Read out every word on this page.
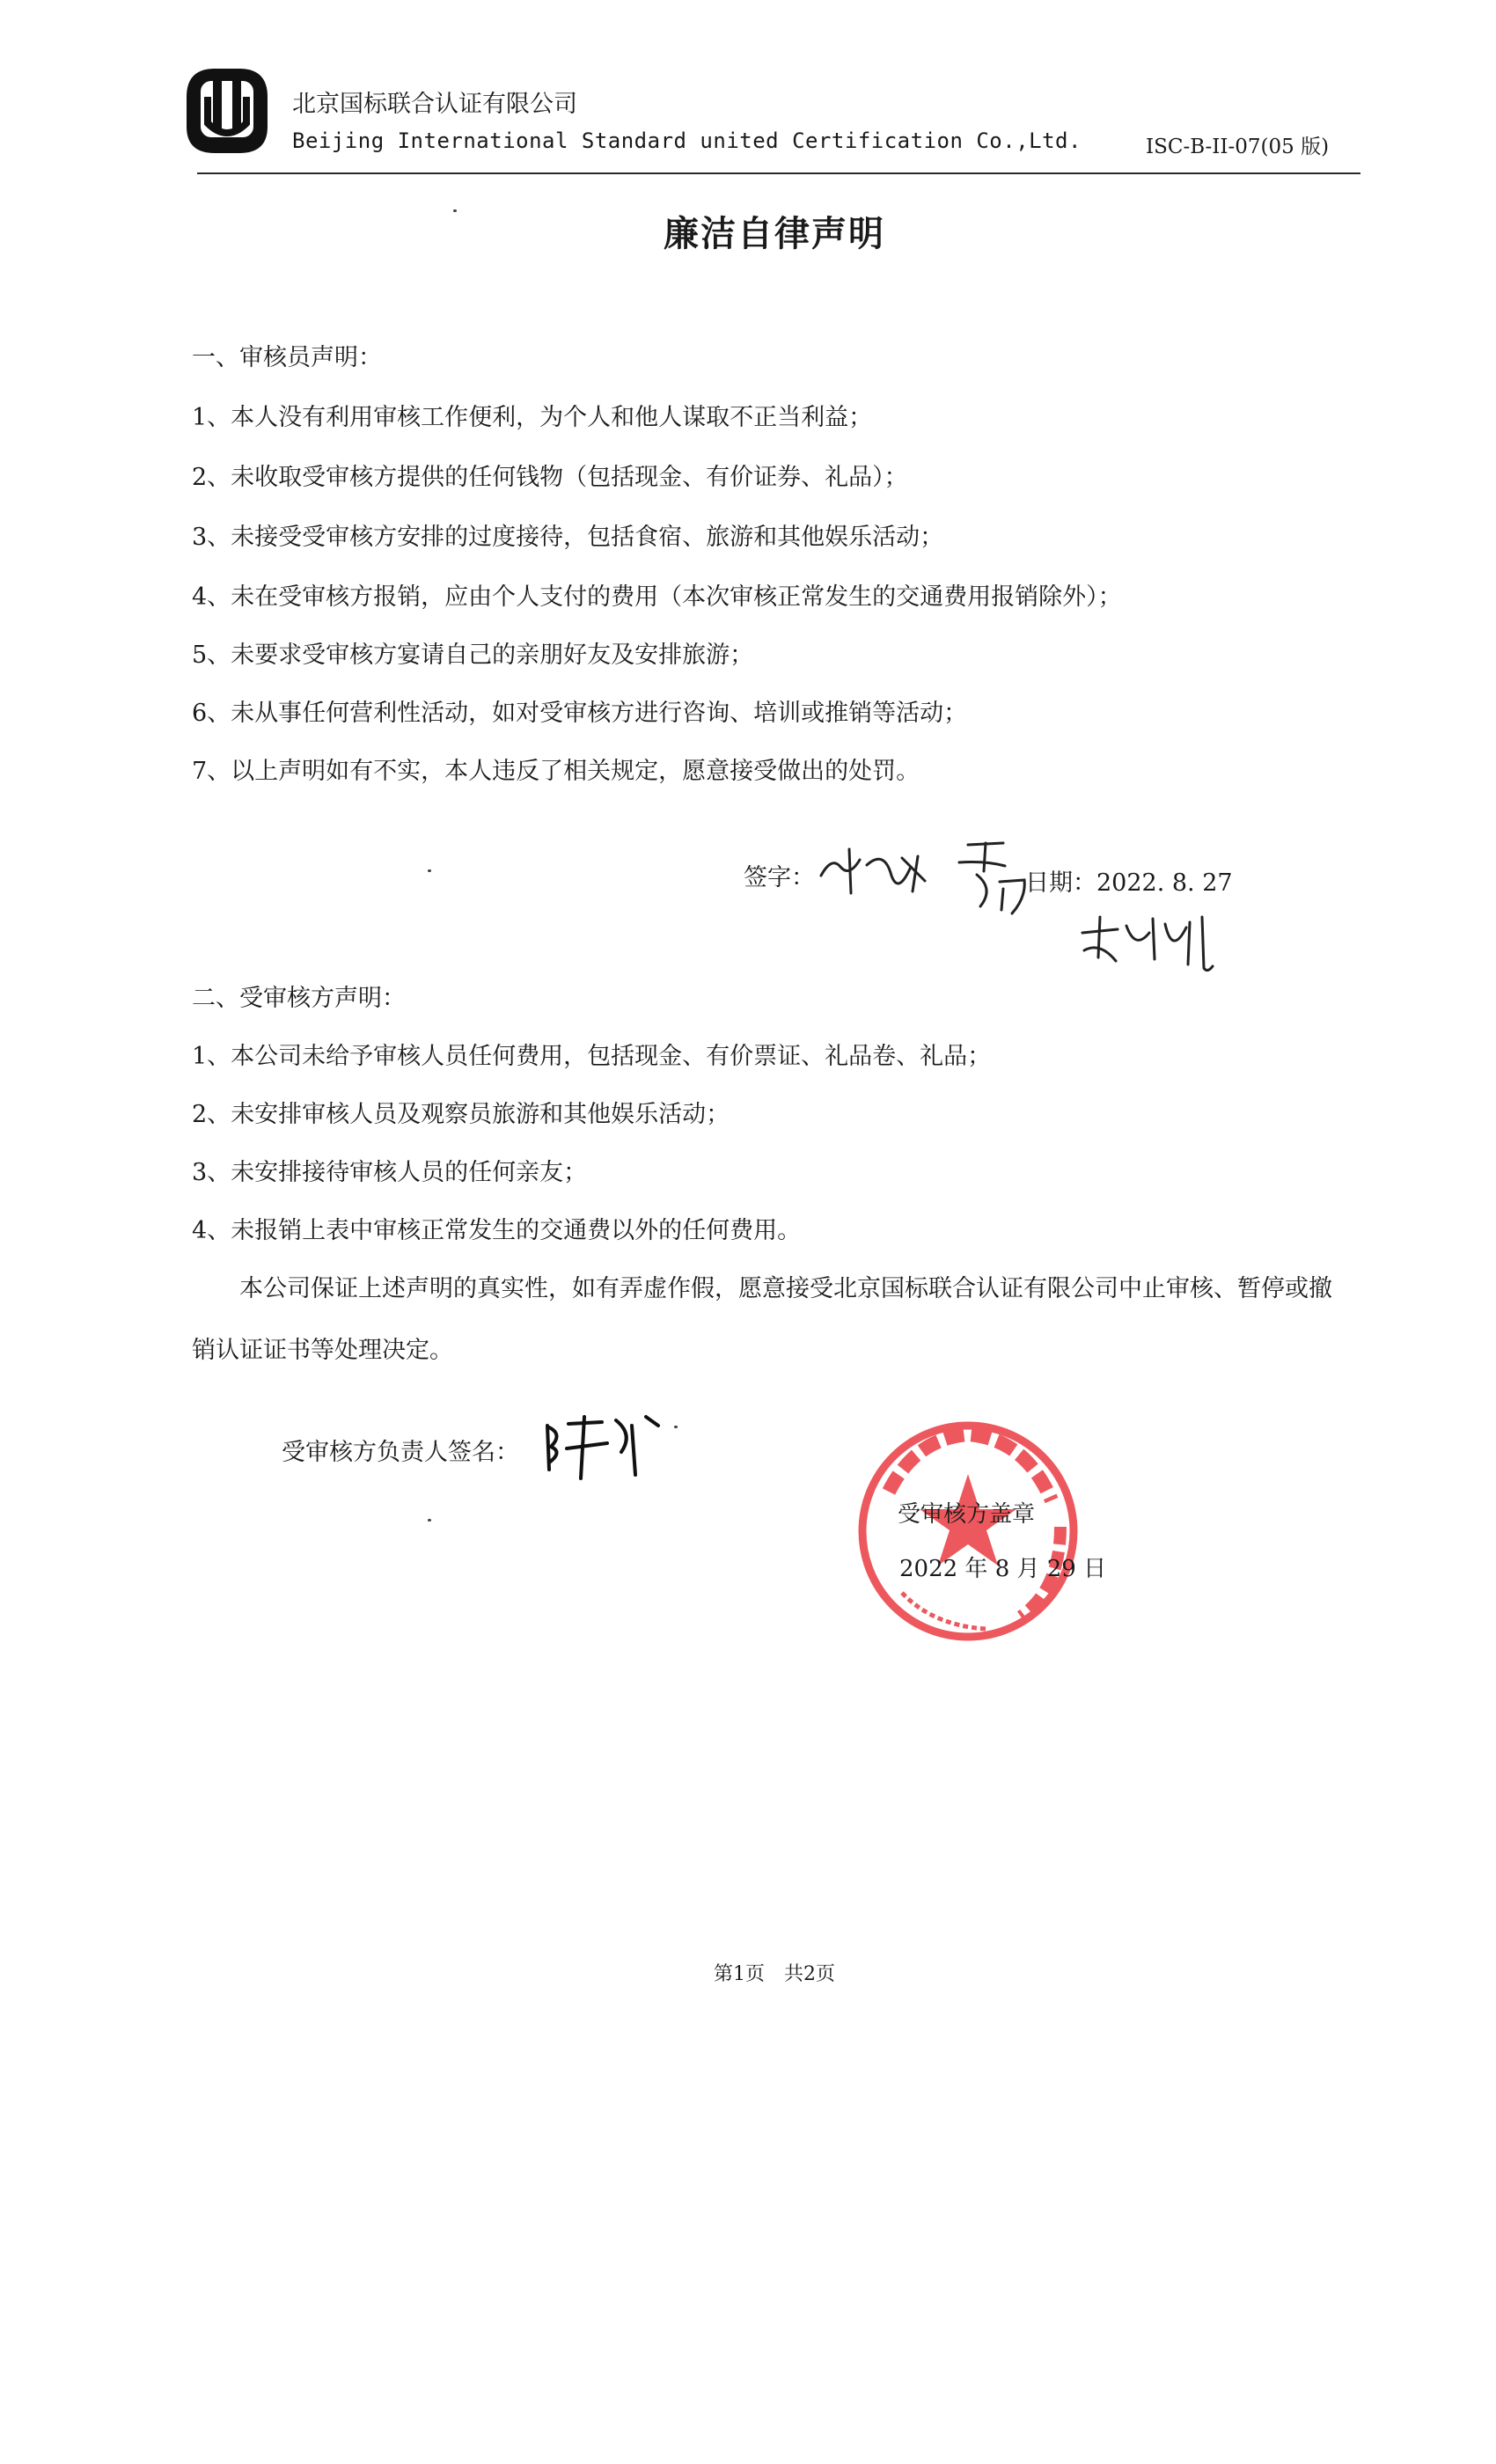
北京国标联合认证有限公司
Beijing International Standard united Certification Co.,Ltd.	ISC-B-II-07(05 版)
廉洁自律声明
一、审核员声明：
1、本人没有利用审核工作便利，为个人和他人谋取不正当利益；
2、未收取受审核方提供的任何钱物（包括现金、有价证券、礼品）；
3、未接受受审核方安排的过度接待，包括食宿、旅游和其他娱乐活动；
4、未在受审核方报销，应由个人支付的费用（本次审核正常发生的交通费用报销除外）；
5、未要求受审核方宴请自己的亲朋好友及安排旅游；
6、未从事任何营利性活动，如对受审核方进行咨询、培训或推销等活动；
7、以上声明如有不实，本人违反了相关规定，愿意接受做出的处罚。
签字：	日期：2022. 8. 27
二、受审核方声明：
1、本公司未给予审核人员任何费用，包括现金、有价票证、礼品卷、礼品；
2、未安排审核人员及观察员旅游和其他娱乐活动；
3、未安排接待审核人员的任何亲友；
4、未报销上表中审核正常发生的交通费以外的任何费用。
本公司保证上述声明的真实性，如有弄虚作假，愿意接受北京国标联合认证有限公司中止审核、暂停或撤销认证证书等处理决定。
受审核方负责人签名：
受审核方盖章
2022 年 8 月 29 日
第1页　共2页
